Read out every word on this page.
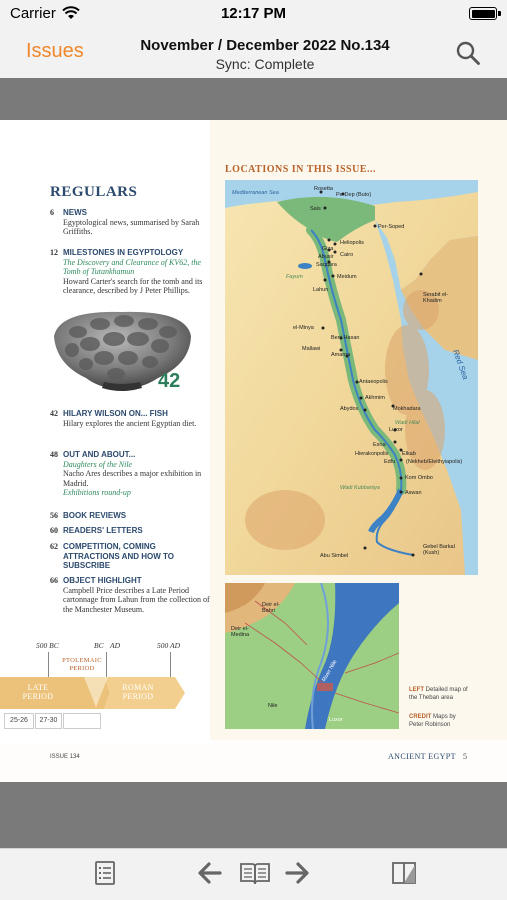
Carrier	12:17 PM
Issues	November / December 2022 No.134
Sync: Complete
REGULARS
6	NEWS
Egyptological news, summarised by Sarah Griffiths.
12 MILESTONES IN EGYPTOLOGY
The Discovery and Clearance of KV62, the Tomb of Tutankhamun
Howard Carter's search for the tomb and its clearance, described by J Peter Phillips.
42
42 HILARY WILSON ON... FISH
Hilary explores the ancient Egyptian diet.
48 OUT AND ABOUT...
Daughters of the Nile
Nacho Ares describes a major exhibition in Madrid.
Exhibitions round-up
56 BOOK REVIEWS
60 READERS' LETTERS
62 COMPETITION, COMING ATTRACTIONS AND HOW TO SUBSCRIBE
66 OBJECT HIGHLIGHT
Campbell Price describes a Late Period cartonnage from Lahun from the collection of the Manchester Museum.
500 BC	BC AD	500 AD
LATE PERIOD
PTOLEMAIC PERIOD
ROMAN PERIOD
25-26	27-30
LOCATIONS IN THIS ISSUE...
Mediterranean Sea
Red Sea
Fayum
Wadi Hilal
Wadi Kubbaniya
Rosetta
Pe-Dep (Buto)
Sais
Per-Soped
Giza
Heliopolis
Abusir Cairo
Saqqara
Meidum
Lahun
Serabit el-Khadim
el-Minya
Beni Hasan
Mallawi
Amarna
Antaeopolis
Akhmim
Abydos	Mokhadara
Luxor
Esna
Hierakonpolis Elkab
(Nekheb/Eleithyiapolis)
Edfu
Kom Ombo
Aswan
Abu Simbel
Gebel Barkal (Kush)
Deir el-Bahri
Deir el-Medina
River Nile
Luxor
Nile
LEFT Detailed map of the Theban area
CREDIT Maps by Peter Robinson
ISSUE 134	ANCIENT EGYPT 5
